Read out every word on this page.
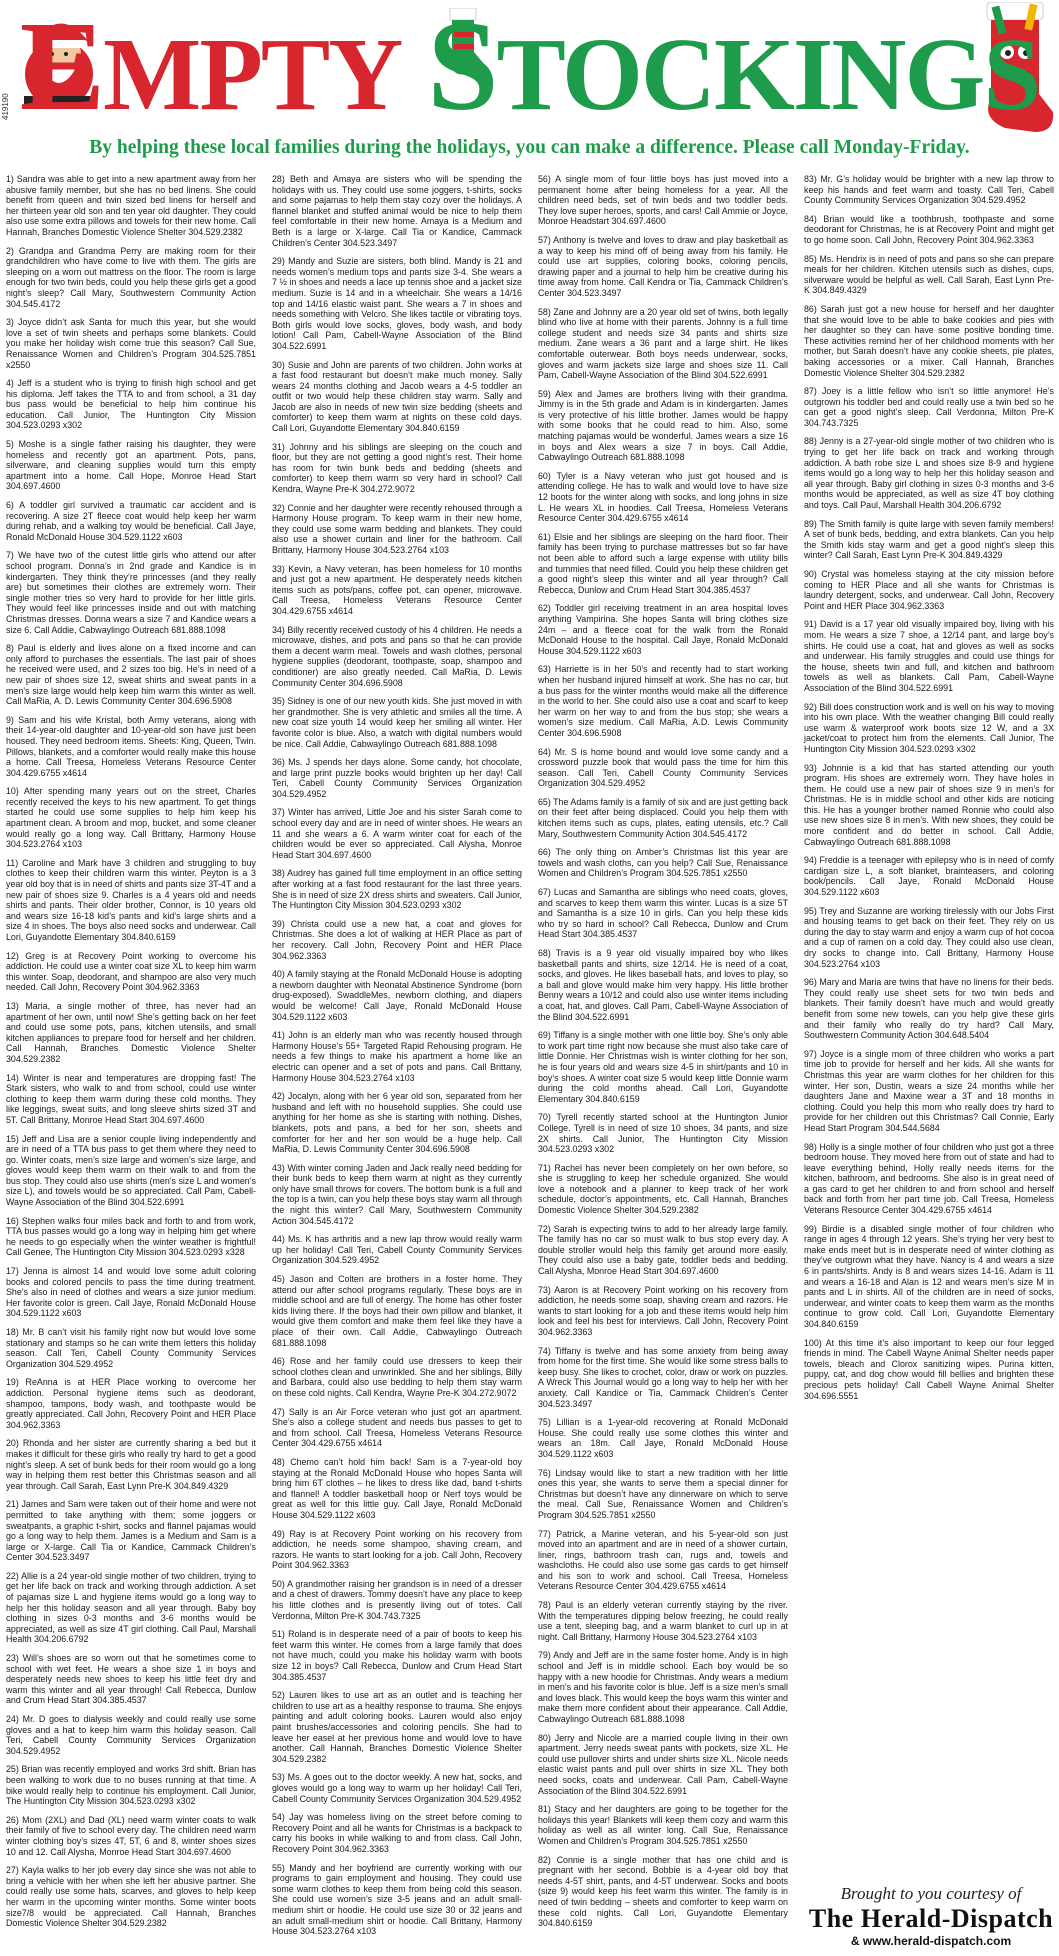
EMPTY STOCKINGS
By helping these local families during the holidays, you can make a difference. Please call Monday-Friday.
419190

1) Sandra was able to get into a new apartment away from her abusive family member, but she has no bed linens. She could benefit from queen and twin sized bed linens for herself and her thirteen year old son and ten year old daughter. They could also use some extra pillows and towels for their new home. Call Hannah, Branches Domestic Violence Shelter 304.529.2382

2) Grandpa and Grandma Perry are making room for their grandchildren who have come to live with them. The girls are sleeping on a worn out mattress on the floor. The room is large enough for two twin beds, could you help these girls get a good night’s sleep? Call Mary, Southwestern Community Action 304.545.4172

3) Joyce didn’t ask Santa for much this year, but she would love a set of twin sheets and perhaps some blankets. Could you make her holiday wish come true this season? Call Sue, Renaissance Women and Children’s Program 304.525.7851 x2550

4) Jeff is a student who is trying to finish high school and get his diploma. Jeff takes the TTA to and from school, a 31 day bus pass would be beneficial to help him continue his education. Call Junior, The Huntington City Mission 304.523.0293 x302

5) Moshe is a single father raising his daughter, they were homeless and recently got an apartment. Pots, pans, silverware, and cleaning supplies would turn this empty apartment into a home. Call Hope, Monroe Head Start 304.697.4600

6) A toddler girl survived a traumatic car accident and is recovering. A size 2T fleece coat would help keep her warm during rehab, and a walking toy would be beneficial. Call Jaye, Ronald McDonald House 304.529.1122 x603

7) We have two of the cutest little girls who attend our after school program. Donna’s in 2nd grade and Kandice is in kindergarten. They think they’re princesses (and they really are) but sometimes their clothes are extremely worn. Their single mother tries so very hard to provide for her little girls. They would feel like princesses inside and out with matching Christmas dresses. Donna wears a size 7 and Kandice wears a size 6. Call Addie, Cabwaylingo Outreach 681.888.1098

8) Paul is elderly and lives alone on a fixed income and can only afford to purchases the essentials. The last pair of shoes he received were used, and 2 sizes too big. He’s in need of a new pair of shoes size 12, sweat shirts and sweat pants in a men’s size large would help keep him warm this winter as well. Call MaRia, A. D. Lewis Community Center 304.696.5908

9) Sam and his wife Kristal, both Army veterans, along with their 14-year-old daughter and 10-year-old son have just been housed. They need bedroom items. Sheets: King, Queen, Twin. Pillows, blankets, and a comforter would really make this house a home. Call Treesa, Homeless Veterans Resource Center 304.429.6755 x4614

10) After spending many years out on the street, Charles recently received the keys to his new apartment. To get things started he could use some supplies to help him keep his apartment clean. A broom and mop, bucket, and some cleaner would really go a long way. Call Brittany, Harmony House 304.523.2764 x103

11) Caroline and Mark have 3 children and struggling to buy clothes to keep their children warm this winter. Peyton is a 3 year old boy that is in need of shirts and pants size 3T-4T and a new pair of shoes size 9. Charles is a 4 years old and needs shirts and pants. Their older brother, Connor, is 10 years old and wears size 16-18 kid’s pants and kid’s large shirts and a size 4 in shoes. The boys also need socks and underwear. Call Lori, Guyandotte Elementary 304.840.6159

12) Greg is at Recovery Point working to overcome his addiction. He could use a winter coat size XL to keep him warm this winter. Soap, deodorant, and shampoo are also very much needed. Call John, Recovery Point 304.962.3363

13) Maria, a single mother of three, has never had an apartment of her own, until now! She’s getting back on her feet and could use some pots, pans, kitchen utensils, and small kitchen appliances to prepare food for herself and her children. Call Hannah, Branches Domestic Violence Shelter 304.529.2382

14) Winter is near and temperatures are dropping fast! The Stark sisters, who walk to and from school, could use winter clothing to keep them warm during these cold months. They like leggings, sweat suits, and long sleeve shirts sized 3T and 5T. Call Brittany, Monroe Head Start 304.697.4600

15) Jeff and Lisa are a senior couple living independently and are in need of a TTA bus pass to get them where they need to go. Winter coats, men’s size large and women’s size large, and gloves would keep them warm on their walk to and from the bus stop. They could also use shirts (men’s size L and women’s size L), and towels would be so appreciated. Call Pam, Cabell-Wayne Association of the Blind 304.522.6991

16) Stephen walks four miles back and forth to and from work, TTA bus passes would go a long way in helping him get where he needs to go especially when the winter weather is frightful! Call Genee, The Huntington City Mission 304.523.0293 x328

17) Jenna is almost 14 and would love some adult coloring books and colored pencils to pass the time during treatment. She’s also in need of clothes and wears a size junior medium. Her favorite color is green. Call Jaye, Ronald McDonald House 304.529.1122 x603

18) Mr. B can’t visit his family right now but would love some stationary and stamps so he can write them letters this holiday season. Call Teri, Cabell County Community Services Organization 304.529.4952

19) ReAnna is at HER Place working to overcome her addiction. Personal hygiene items such as deodorant, shampoo, tampons, body wash, and toothpaste would be greatly appreciated. Call John, Recovery Point and HER Place 304.962.3363

20) Rhonda and her sister are currently sharing a bed but it makes it difficult for these girls who really try hard to get a good night’s sleep. A set of bunk beds for their room would go a long way in helping them rest better this Christmas season and all year through. Call Sarah, East Lynn Pre-K 304.849.4329

21) James and Sam were taken out of their home and were not permitted to take anything with them; some joggers or sweatpants, a graphic t-shirt, socks and flannel pajamas would go a long way to help them. James is a Medium and Sam is a large or X-large. Call Tia or Kandice, Cammack Children’s Center 304.523.3497

22) Allie is a 24 year-old single mother of two children, trying to get her life back on track and working through addiction. A set of pajamas size L and hygiene items would go a long way to help her this holiday season and all year through. Baby boy clothing in sizes 0-3 months and 3-6 months would be appreciated, as well as size 4T girl clothing. Call Paul, Marshall Health 304.206.6792

23) Will’s shoes are so worn out that he sometimes come to school with wet feet. He wears a shoe size 1 in boys and desperately needs new shoes to keep his little feet dry and warm this winter and all year through! Call Rebecca, Dunlow and Crum Head Start 304.385.4537

24) Mr. D goes to dialysis weekly and could really use some gloves and a hat to keep him warm this holiday season. Call Teri, Cabell County Community Services Organization 304.529.4952

25) Brian was recently employed and works 3rd shift. Brian has been walking to work due to no buses running at that time. A bike would really help to continue his employment. Call Junior, The Huntington City Mission 304.523.0293 x302

26) Mom (2XL) and Dad (XL) need warm winter coats to walk their family of five to school every day. The children need warm winter clothing boy’s sizes 4T, 5T, 6 and 8, winter shoes sizes 10 and 12. Call Alysha, Monroe Head Start 304.697.4600

27) Kayla walks to her job every day since she was not able to bring a vehicle with her when she left her abusive partner. She could really use some hats, scarves, and gloves to help keep her warm in the upcoming winter months. Some winter boots size7/8 would be appreciated. Call Hannah, Branches Domestic Violence Shelter 304.529.2382

28) Beth and Amaya are sisters who will be spending the holidays with us. They could use some joggers, t-shirts, socks and some pajamas to help them stay cozy over the holidays. A flannel blanket and stuffed animal would be nice to help them feel comfortable in their new home. Amaya is a Medium and Beth is a large or X-large. Call Tia or Kandice, Cammack Children’s Center 304.523.3497

29) Mandy and Suzie are sisters, both blind. Mandy is 21 and needs women’s medium tops and pants size 3-4. She wears a 7 ½ in shoes and needs a lace up tennis shoe and a jacket size medium. Suzie is 14 and in a wheelchair. She wears a 14/16 top and 14/16 elastic waist pant. She wears a 7 in shoes and needs something with Velcro. She likes tactile or vibrating toys. Both girls would love socks, gloves, body wash, and body lotion! Call Pam, Cabell-Wayne Association of the Blind 304.522.6991

30) Susie and John are parents of two children. John works at a fast food restaurant but doesn’t make much money. Sally wears 24 months clothing and Jacob wears a 4-5 toddler an outfit or two would help these children stay warm. Sally and Jacob are also in needs of new twin size bedding (sheets and comforter) to keep them warm at nights on these cold days. Call Lori, Guyandotte Elementary 304.840.6159

31) Johnny and his siblings are sleeping on the couch and floor, but they are not getting a good night’s rest. Their home has room for twin bunk beds and bedding (sheets and comforter) to keep them warm so very hard in school? Call Kendra, Wayne Pre-K 304.272.9072

32) Connie and her daughter were recently rehoused through a Harmony House program. To keep warm in their new home, they could use some warm bedding and blankets. They could also use a shower curtain and liner for the bathroom. Call Brittany, Harmony House 304.523.2764 x103

33) Kevin, a Navy veteran, has been homeless for 10 months and just got a new apartment. He desperately needs kitchen items such as pots/pans, coffee pot, can opener, microwave. Call Treesa, Homeless Veterans Resource Center 304.429.6755 x4614

34) Billy recently received custody of his 4 children. He needs a microwave, dishes, and pots and pans so that he can provide them a decent warm meal. Towels and wash clothes, personal hygiene supplies (deodorant, toothpaste, soap, shampoo and conditioner) are also greatly needed. Call MaRia, D. Lewis Community Center 304.696.5908

35) Sidney is one of our new youth kids. She just moved in with her grandmother. She is very athletic and smiles all the time. A new coat size youth 14 would keep her smiling all winter. Her favorite color is blue. Also, a watch with digital numbers would be nice. Call Addie, Cabwaylingo Outreach 681.888.1098

36) Ms. J spends her days alone. Some candy, hot chocolate, and large print puzzle books would brighten up her day! Call Teri, Cabell County Community Services Organization 304.529.4952

37) Winter has arrived, Little Joe and his sister Sarah come to school every day and are in need of winter shoes. He wears an 11 and she wears a 6. A warm winter coat for each of the children would be ever so appreciated. Call Alysha, Monroe Head Start 304.697.4600

38) Audrey has gained full time employment in an office setting after working at a fast food restaurant for the last three years. She is in need of size 2X dress shirts and sweaters. Call Junior, The Huntington City Mission 304.523.0293 x302

39) Christa could use a new hat, a coat and gloves for Christmas. She does a lot of walking at HER Place as part of her recovery. Call John, Recovery Point and HER Place 304.962.3363

40) A family staying at the Ronald McDonald House is adopting a newborn daughter with Neonatal Abstinence Syndrome (born drug-exposed). SwaddleMes, newborn clothing, and diapers would be welcome! Call Jaye, Ronald McDonald House 304.529.1122 x603

41) John is an elderly man who was recently housed through Harmony House’s 55+ Targeted Rapid Rehousing program. He needs a few things to make his apartment a home like an electric can opener and a set of pots and pans. Call Brittany, Harmony House 304.523.2764 x103

42) Jocalyn, along with her 6 year old son, separated from her husband and left with no household supplies. She could use anything for her home as she is starting with nothing. Dishes, blankets, pots and pans, a bed for her son, sheets and comforter for her and her son would be a huge help. Call MaRia, D. Lewis Community Center 304.696.5908

43) With winter coming Jaden and Jack really need bedding for their bunk beds to keep them warm at night as they currently only have small throws for covers. The bottom bunk is a full and the top is a twin, can you help these boys stay warm all through the night this winter? Call Mary, Southwestern Community Action 304.545.4172

44) Ms. K has arthritis and a new lap throw would really warm up her holiday! Call Teri, Cabell County Community Services Organization 304.529.4952

45) Jason and Colten are brothers in a foster home. They attend our after school programs regularly. These boys are in middle school and are full of energy. The home has other foster kids living there. If the boys had their own pillow and blanket, it would give them comfort and make them feel like they have a place of their own. Call Addie, Cabwaylingo Outreach 681.888.1098

46) Rose and her family could use dressers to keep their school clothes clean and unwrinkled. She and her siblings, Billy and Barbara, could also use bedding to help them stay warm on these cold nights. Call Kendra, Wayne Pre-K 304.272.9072

47) Sally is an Air Force veteran who just got an apartment. She’s also a college student and needs bus passes to get to and from school. Call Treesa, Homeless Veterans Resource Center 304.429.6755 x4614

48) Chemo can’t hold him back! Sam is a 7-year-old boy staying at the Ronald McDonald House who hopes Santa will bring him 6T clothes – he likes to dress like dad, band t-shirts and flannel! A toddler basketball hoop or Nerf toys would be great as well for this little guy. Call Jaye, Ronald McDonald House 304.529.1122 x603

49) Ray is at Recovery Point working on his recovery from addiction, he needs some shampoo, shaving cream, and razors. He wants to start looking for a job. Call John, Recovery Point 304.962.3363

50) A grandmother raising her grandson is in need of a dresser and a chest of drawers. Tommy doesn’t have any place to keep his little clothes and is presently living out of totes. Call Verdonna, Milton Pre-K 304.743.7325

51) Roland is in desperate need of a pair of boots to keep his feet warm this winter. He comes from a large family that does not have much, could you make his holiday warm with boots size 12 in boys? Call Rebecca, Dunlow and Crum Head Start 304.385.4537

52) Lauren likes to use art as an outlet and is teaching her children to use art as a healthy response to trauma. She enjoys painting and adult coloring books. Lauren would also enjoy paint brushes/accessories and coloring pencils. She had to leave her easel at her previous home and would love to have another. Call Hannah, Branches Domestic Violence Shelter 304.529.2382

53) Ms. A goes out to the doctor weekly. A new hat, socks, and gloves would go a long way to warm up her holiday! Call Teri, Cabell County Community Services Organization 304.529.4952

54) Jay was homeless living on the street before coming to Recovery Point and all he wants for Christmas is a backpack to carry his books in while walking to and from class. Call John, Recovery Point 304.962.3363

55) Mandy and her boyfriend are currently working with our programs to gain employment and housing. They could use some warm clothes to keep them from being cold this season. She could use women’s size 3-5 jeans and an adult small-medium shirt or hoodie. He could use size 30 or 32 jeans and an adult small-medium shirt or hoodie. Call Brittany, Harmony House 304.523.2764 x103

56) A single mom of four little boys has just moved into a permanent home after being homeless for a year. All the children need beds, set of twin beds and two toddler beds. They love super heroes, sports, and cars! Call Ammie or Joyce, Monroe Headstart 304.697.4600

57) Anthony is twelve and loves to draw and play basketball as a way to keep his mind off of being away from his family. He could use art supplies, coloring books, coloring pencils, drawing paper and a journal to help him be creative during his time away from home. Call Kendra or Tia, Cammack Children’s Center 304.523.3497

58) Zane and Johnny are a 20 year old set of twins, both legally blind who live at home with their parents. Johnny is a full time college student and needs size 34 pants and shirts size medium. Zane wears a 36 pant and a large shirt. He likes comfortable outerwear. Both boys needs underwear, socks, gloves and warm jackets size large and shoes size 11. Call Pam, Cabell-Wayne Association of the Blind 304.522.6991

59) Alex and James are brothers living with their grandma. Jimmy is in the 5th grade and Adam is in kindergarten. James is very protective of his little brother. James would be happy with some books that he could read to him. Also, some matching pajamas would be wonderful. James wears a size 16 in boys and Alex wears a size 7 in boys. Call Addie, Cabwaylingo Outreach 681.888.1098

60) Tyler is a Navy veteran who just got housed and is attending college. He has to walk and would love to have size 12 boots for the winter along with socks, and long johns in size L. He wears XL in hoodies. Call Treesa, Homeless Veterans Resource Center 304.429.6755 x4614

61) Elsie and her siblings are sleeping on the hard floor. Their family has been trying to purchase mattresses but so far have not been able to afford such a large expense with utility bills and tummies that need filled. Could you help these children get a good night’s sleep this winter and all year through? Call Rebecca, Dunlow and Crum Head Start 304.385.4537

62) Toddler girl receiving treatment in an area hospital loves anything Vampirina. She hopes Santa will bring clothes size 24m – and a fleece coat for the walk from the Ronald McDonald House to the hospital. Call Jaye, Ronald McDonald House 304.529.1122 x603

63) Harriette is in her 50’s and recently had to start working when her husband injured himself at work. She has no car, but a bus pass for the winter months would make all the difference in the world to her. She could also use a coat and scarf to keep her warm on her way to and from the bus stop; she wears a women’s size medium. Call MaRia, A.D. Lewis Community Center 304.696.5908

64) Mr. S is home bound and would love some candy and a crossword puzzle book that would pass the time for him this season. Call Teri, Cabell County Community Services Organization 304.529.4952

65) The Adams family is a family of six and are just getting back on their feet after being displaced. Could you help them with kitchen items such as cups, plates, eating utensils, etc.? Call Mary, Southwestern Community Action 304.545.4172

66) The only thing on Amber’s Christmas list this year are towels and wash cloths, can you help? Call Sue, Renaissance Women and Children’s Program 304.525.7851 x2550

67) Lucas and Samantha are siblings who need coats, gloves, and scarves to keep them warm this winter. Lucas is a size 5T and Samantha is a size 10 in girls. Can you help these kids who try so hard in school? Call Rebecca, Dunlow and Crum Head Start 304.385.4537

68) Travis is a 9 year old visually impaired boy who likes basketball pants and shirts, size 12/14. He is need of a coat, socks, and gloves. He likes baseball hats, and loves to play, so a ball and glove would make him very happy. His little brother Benny wears a 10/12 and could also use winter items including a coat, hat, and gloves. Call Pam, Cabell-Wayne Association of the Blind 304.522.6991

69) Tiffany is a single mother with one little boy. She’s only able to work part time right now because she must also take care of little Donnie. Her Christmas wish is winter clothing for her son, he is four years old and wears size 4-5 in shirt/pants and 10 in boy’s shoes. A winter coat size 5 would keep little Donnie warm during the cold months ahead. Call Lori, Guyandotte Elementary 304.840.6159

70) Tyrell recently started school at the Huntington Junior College. Tyrell is in need of size 10 shoes, 34 pants, and size 2X shirts. Call Junior, The Huntington City Mission 304.523.0293 x302

71) Rachel has never been completely on her own before, so she is struggling to keep her schedule organized. She would love a notebook and a planner to keep track of her work schedule, doctor’s appointments, etc. Call Hannah, Branches Domestic Violence Shelter 304.529.2382

72) Sarah is expecting twins to add to her already large family. The family has no car so must walk to bus stop every day. A double stroller would help this family get around more easily. They could also use a baby gate, toddler beds and bedding. Call Alysha, Monroe Head Start 304.697.4600

73) Aaron is at Recovery Point working on his recovery from addiction, he needs some soap, shaving cream and razors. He wants to start looking for a job and these items would help him look and feel his best for interviews. Call John, Recovery Point 304.962.3363

74) Tiffany is twelve and has some anxiety from being away from home for the first time. She would like some stress balls to keep busy. She likes to crochet, color, draw or work on puzzles. A Wreck This Journal would go a long way to help her with her anxiety. Call Kandice or Tia, Cammack Children’s Center 304.523.3497

75) Lillian is a 1-year-old recovering at Ronald McDonald House. She could really use some clothes this winter and wears an 18m. Call Jaye, Ronald McDonald House 304.529.1122 x603

76) Lindsay would like to start a new tradition with her little ones this year, she wants to serve them a special dinner for Christmas but doesn’t have any dinnerware on which to serve the meal. Call Sue, Renaissance Women and Children’s Program 304.525.7851 x2550

77) Patrick, a Marine veteran, and his 5-year-old son just moved into an apartment and are in need of a shower curtain, liner, rings, bathroom trash can, rugs and, towels and washcloths. He could also use some gas cards to get himself and his son to work and school. Call Treesa, Homeless Veterans Resource Center 304.429.6755 x4614

78) Paul is an elderly veteran currently staying by the river. With the temperatures dipping below freezing, he could really use a tent, sleeping bag, and a warm blanket to curl up in at night. Call Brittany, Harmony House 304.523.2764 x103

79) Andy and Jeff are in the same foster home. Andy is in high school and Jeff is in middle school. Each boy would be so happy with a new hoodie for Christmas. Andy wears a medium in men’s and his favorite color is blue. Jeff is a size men’s small and loves black. This would keep the boys warm this winter and make them more confident about their appearance. Call Addie, Cabwaylingo Outreach 681.888.1098

80) Jerry and Nicole are a married couple living in their own apartment. Jerry needs sweat pants with pockets, size XL. He could use pullover shirts and under shirts size XL. Nicole needs elastic waist pants and pull over shirts in size XL. They both need socks, coats and underwear. Call Pam, Cabell-Wayne Association of the Blind 304.522.6991

81) Stacy and her daughters are going to be together for the holidays this year! Blankets will keep them cozy and warm this holiday as well as all winter long. Call Sue, Renaissance Women and Children’s Program 304.525.7851 x2550

82) Connie is a single mother that has one child and is pregnant with her second. Bobbie is a 4-year old boy that needs 4-5T shirt, pants, and 4-5T underwear. Socks and boots (size 9) would keep his feet warm this winter. The family is in need of twin bedding – sheets and comforter to keep warm on these cold nights. Call Lori, Guyandotte Elementary 304.840.6159

83) Mr. G’s holiday would be brighter with a new lap throw to keep his hands and feet warm and toasty. Call Teri, Cabell County Community Services Organization 304.529.4952

84) Brian would like a toothbrush, toothpaste and some deodorant for Christmas, he is at Recovery Point and might get to go home soon. Call John, Recovery Point 304.962.3363

85) Ms. Hendrix is in need of pots and pans so she can prepare meals for her children. Kitchen utensils such as dishes, cups, silverware would be helpful as well. Call Sarah, East Lynn Pre-K 304.849.4329

86) Sarah just got a new house for herself and her daughter that she would love to be able to bake cookies and pies with her daughter so they can have some positive bonding time. These activities remind her of her childhood moments with her mother, but Sarah doesn’t have any cookie sheets, pie plates, baking accessories or a mixer. Call Hannah, Branches Domestic Violence Shelter 304.529.2382

87) Joey is a little fellow who isn’t so little anymore! He’s outgrown his toddler bed and could really use a twin bed so he can get a good night’s sleep. Call Verdonna, Milton Pre-K 304.743.7325

88) Jenny is a 27-year-old single mother of two children who is trying to get her life back on track and working through addiction. A bath robe size L and shoes size 8-9 and hygiene items would go a long way to help her this holiday season and all year through. Baby girl clothing in sizes 0-3 months and 3-6 months would be appreciated, as well as size 4T boy clothing and toys. Call Paul, Marshall Health 304.206.6792

89) The Smith family is quite large with seven family members! A set of bunk beds, bedding, and extra blankets. Can you help the Smith kids stay warm and get a good night’s sleep this winter? Call Sarah, East Lynn Pre-K 304.849.4329

90) Crystal was homeless staying at the city mission before coming to HER Place and all she wants for Christmas is laundry detergent, socks, and underwear. Call John, Recovery Point and HER Place 304.962.3363

91) David is a 17 year old visually impaired boy, living with his mom. He wears a size 7 shoe, a 12/14 pant, and large boy’s shirts. He could use a coat, hat and gloves as well as socks and underwear. His family struggles and could use things for the house, sheets twin and full, and kitchen and bathroom towels as well as blankets. Call Pam, Cabell-Wayne Association of the Blind 304.522.6991

92) Bill does construction work and is well on his way to moving into his own place. With the weather changing Bill could really use warm & waterproof work boots size 12 W, and a 3X jacket/coat to protect him from the elements. Call Junior, The Huntington City Mission 304.523.0293 x302

93) Johnnie is a kid that has started attending our youth program. His shoes are extremely worn. They have holes in them. He could use a new pair of shoes size 9 in men’s for Christmas. He is in middle school and other kids are noticing this. He has a younger brother named Ronnie who could also use new shoes size 8 in men’s. With new shoes, they could be more confident and do better in school. Call Addie, Cabwaylingo Outreach 681.888.1098

94) Freddie is a teenager with epilepsy who is in need of comfy cardigan size L, a soft blanket, brainteasers, and coloring book/pencils. Call Jaye, Ronald McDonald House 304.529.1122 x603

95) Trey and Suzanne are working tirelessly with our Jobs First and housing teams to get back on their feet. They rely on us during the day to stay warm and enjoy a warm cup of hot cocoa and a cup of ramen on a cold day. They could also use clean, dry socks to change into. Call Brittany, Harmony House 304.523.2764 x103

96) Mary and Maria are twins that have no linens for their beds. They could really use sheet sets for two twin beds and blankets. Their family doesn’t have much and would greatly benefit from some new towels, can you help give these girls and their family who really do try hard? Call Mary, Southwestern Community Action 304.648.5404

97) Joyce is a single mom of three children who works a part time job to provide for herself and her kids. All she wants for Christmas this year are warm clothes for her children for this winter. Her son, Dustin, wears a size 24 months while her daughters Jane and Maxine wear a 3T and 18 months in clothing. Could you help this mom who really does try hard to provide for her children out this Christmas? Call Connie, Early Head Start Program 304.544.5684

98) Holly is a single mother of four children who just got a three bedroom house. They moved here from out of state and had to leave everything behind, Holly really needs items for the kitchen, bathroom, and bedrooms. She also is in great need of a gas card to get her children to and from school and herself back and forth from her part time job. Call Treesa, Homeless Veterans Resource Center 304.429.6755 x4614

99) Birdie is a disabled single mother of four children who range in ages 4 through 12 years. She’s trying her very best to make ends meet but is in desperate need of winter clothing as they’ve outgrown what they have. Nancy is 4 and wears a size 6 in pants/shirts. Andy is 8 and wears sizes 14-16. Adam is 11 and wears a 16-18 and Alan is 12 and wears men’s size M in pants and L in shirts. All of the children are in need of socks, underwear, and winter coats to keep them warm as the months continue to grow cold. Call Lori, Guyandotte Elementary 304.840.6159

100) At this time it’s also important to keep our four legged friends in mind. The Cabell Wayne Animal Shelter needs paper towels, bleach and Clorox sanitizing wipes. Purina kitten, puppy, cat, and dog chow would fill bellies and brighten these precious pets holiday! Call Cabell Wayne Animal Shelter 304.696.5551

Brought to you courtesy of
The Herald-Dispatch
& www.herald-dispatch.com
